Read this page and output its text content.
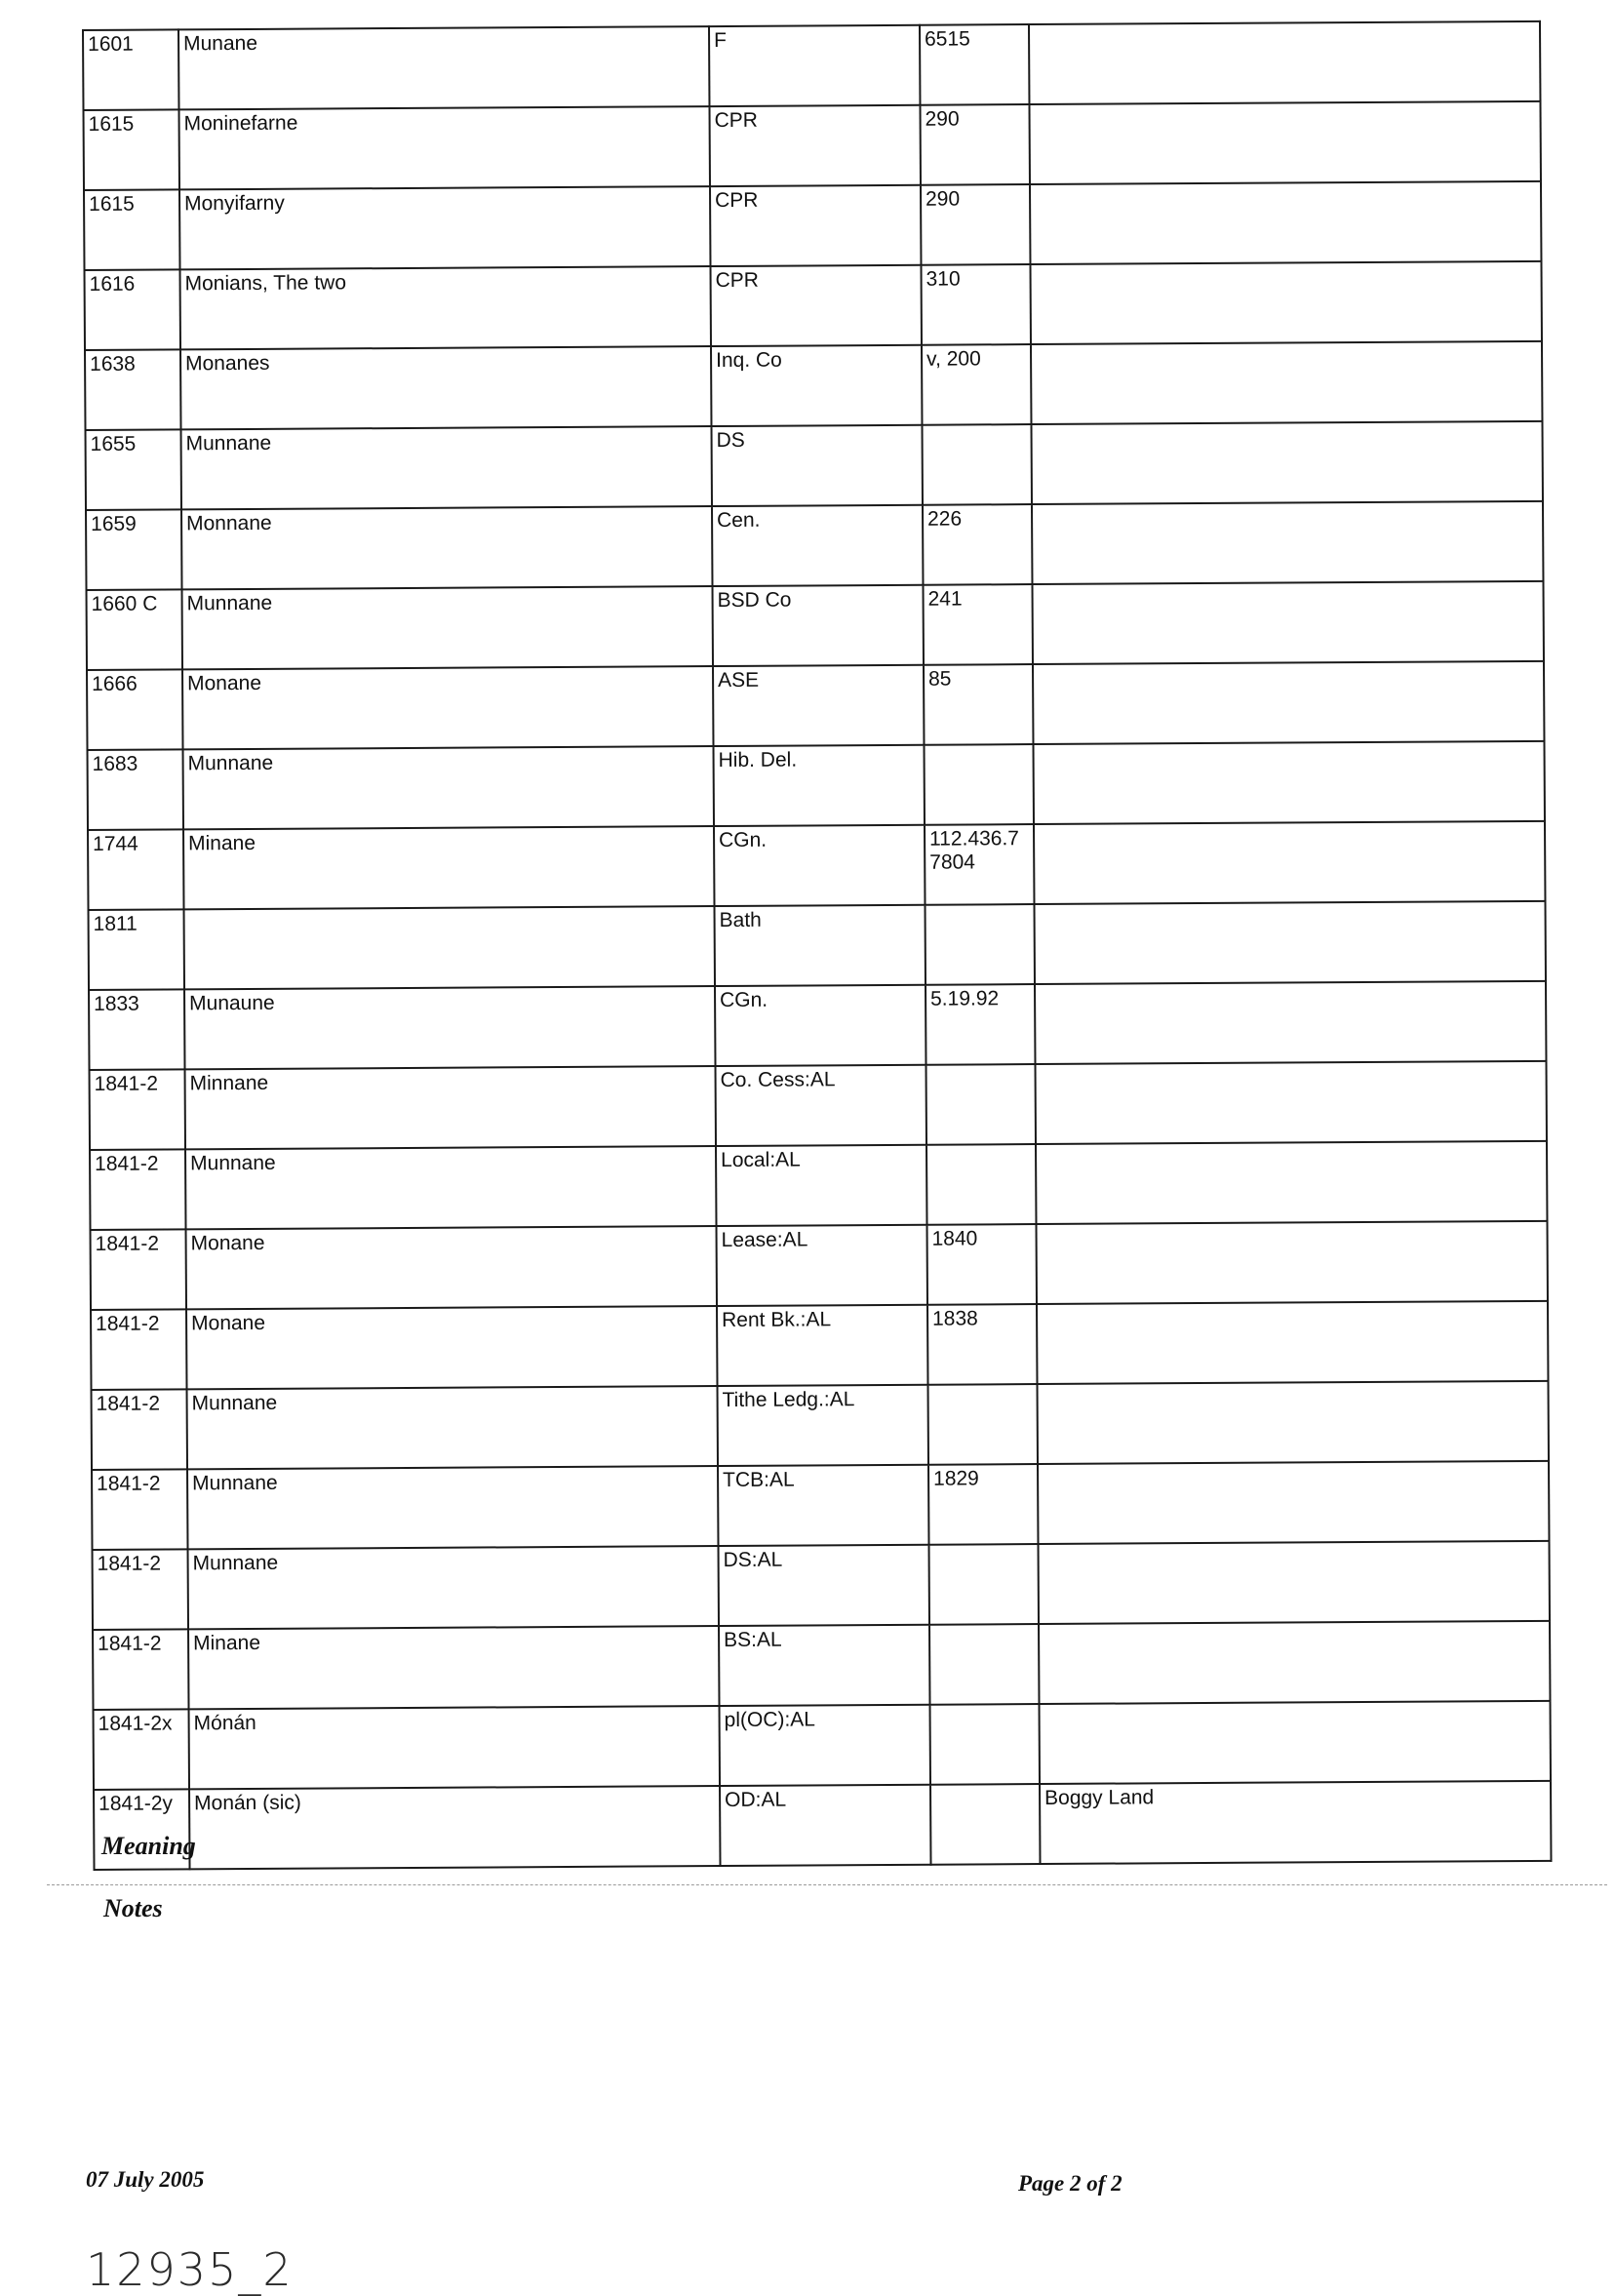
1601	Munane	F	6515	
1615	Moninefarne	CPR	290	
1615	Monyifarny	CPR	290	
1616	Monians, The two	CPR	310	
1638	Monanes	Inq. Co	v, 200	
1655	Munnane	DS		
1659	Monnane	Cen.	226	
1660 C	Munnane	BSD Co	241	
1666	Monane	ASE	85	
1683	Munnane	Hib. Del.		
1744	Minane	CGn.	112.436.7 7804	
1811		Bath		
1833	Munaune	CGn.	5.19.92	
1841-2	Minnane	Co. Cess:AL		
1841-2	Munnane	Local:AL		
1841-2	Monane	Lease:AL	1840	
1841-2	Monane	Rent Bk.:AL	1838	
1841-2	Munnane	Tithe Ledg.:AL		
1841-2	Munnane	TCB:AL	1829	
1841-2	Munnane	DS:AL		
1841-2	Minane	BS:AL		
1841-2x	Mónán	pl(OC):AL		
1841-2y	Monán (sic)	OD:AL		Boggy Land
Meaning
Notes
07 July 2005	Page 2 of 2
12935_2
